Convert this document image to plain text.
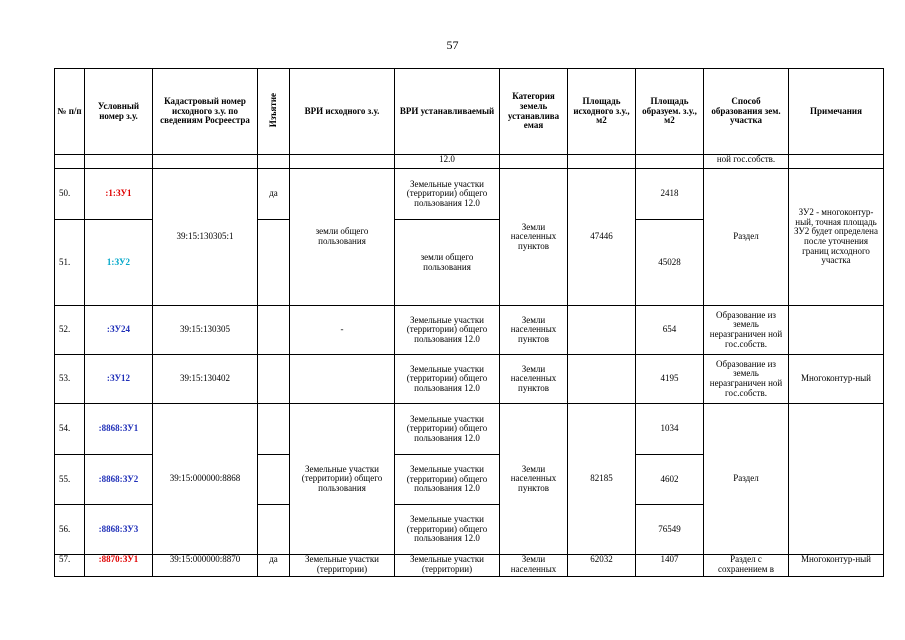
57
№ п/п	Условный номер з.у.	Кадастровый номер исходного з.у. по сведениям Росреестра	Изъятие	ВРИ исходного з.у.	ВРИ устанавливаемый	Категория земель устанавлива емая	Площадь исходного з.у., м2	Площадь образуем. з.у., м2	Способ образования зем. участка	Примечания
					12.0				ной гос.собств.	
50.	:1:ЗУ1	39:15:130305:1	да	земли общего пользования	Земельные участки (территории) общего пользования 12.0	Земли населенных пунктов	47446	2418	Раздел	ЗУ2 - многоконтур-ный, точная площадь ЗУ2 будет определена после уточнения границ исходного участка
51.	1:ЗУ2				земли общего пользования			45028		
52.	:ЗУ24	39:15:130305		-	Земельные участки (территории) общего пользования 12.0	Земли населенных пунктов		654	Образование из земель неразграничен ной гос.собств.	
53.	:ЗУ12	39:15:130402			Земельные участки (территории) общего пользования 12.0	Земли населенных пунктов		4195	Образование из земель неразграничен ной гос.собств.	Многоконтур-ный
54.	:8868:ЗУ1	39:15:000000:8868		Земельные участки (территории) общего пользования	Земельные участки (территории) общего пользования 12.0	Земли населенных пунктов	82185	1034	Раздел	
55.	:8868:ЗУ2				Земельные участки (территории) общего пользования 12.0			4602		
56.	:8868:ЗУ3				Земельные участки (территории) общего пользования 12.0			76549		
57.	:8870:ЗУ1	39:15:000000:8870	да	Земельные участки (территории)	Земельные участки (территории)	Земли населенных	62032	1407	Раздел с сохранением в	Многоконтур-ный
